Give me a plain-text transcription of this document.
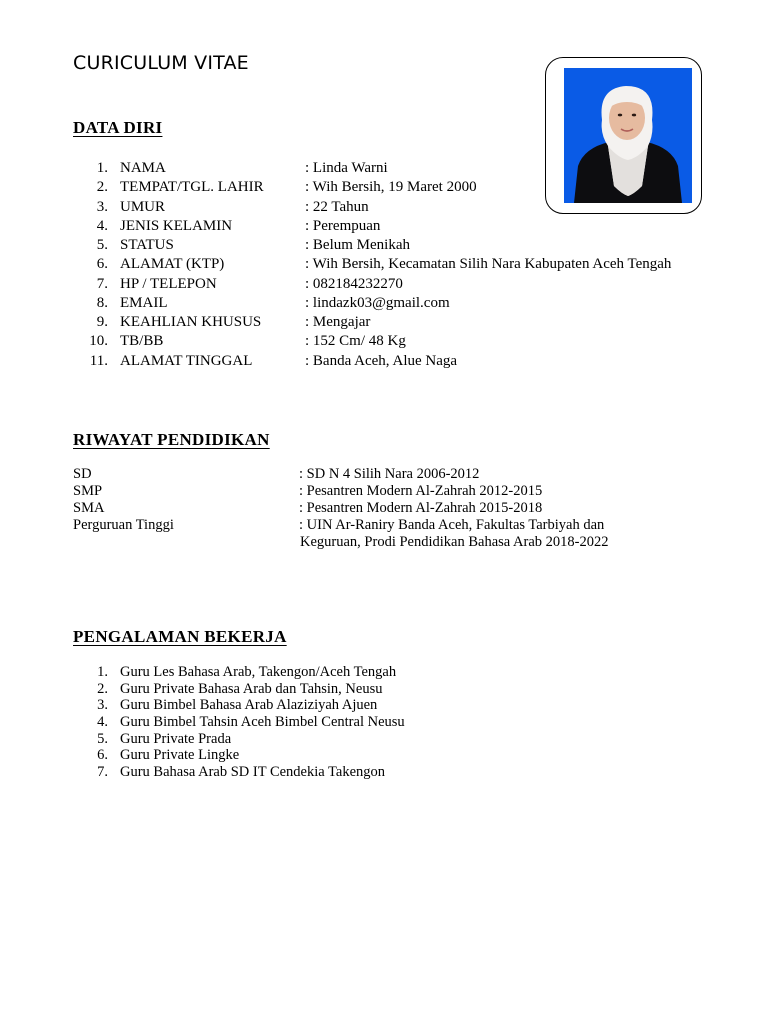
CURICULUM VITAE
DATA DIRI
1. NAMA	: Linda Warni
2. TEMPAT/TGL. LAHIR	: Wih Bersih, 19 Maret 2000
3. UMUR	: 22 Tahun
4. JENIS KELAMIN	: Perempuan
5. STATUS	: Belum Menikah
6. ALAMAT (KTP)	: Wih Bersih, Kecamatan Silih Nara Kabupaten Aceh Tengah
7. HP / TELEPON	: 082184232270
8. EMAIL	: lindazk03@gmail.com
9. KEAHLIAN KHUSUS	: Mengajar
10. TB/BB	: 152 Cm/ 48 Kg
11. ALAMAT TINGGAL	: Banda Aceh, Alue Naga
RIWAYAT PENDIDIKAN
SD	: SD N 4 Silih Nara 2006-2012
SMP	: Pesantren Modern Al-Zahrah 2012-2015
SMA	: Pesantren Modern Al-Zahrah 2015-2018
Perguruan Tinggi	: UIN Ar-Raniry Banda Aceh, Fakultas Tarbiyah dan
Keguruan, Prodi Pendidikan Bahasa Arab 2018-2022
PENGALAMAN BEKERJA
1. Guru Les Bahasa Arab, Takengon/Aceh Tengah
2. Guru Private Bahasa Arab dan Tahsin, Neusu
3. Guru Bimbel Bahasa Arab Alaziziyah Ajuen
4. Guru Bimbel Tahsin Aceh Bimbel Central Neusu
5. Guru Private Prada
6. Guru Private Lingke
7. Guru Bahasa Arab SD IT Cendekia Takengon
